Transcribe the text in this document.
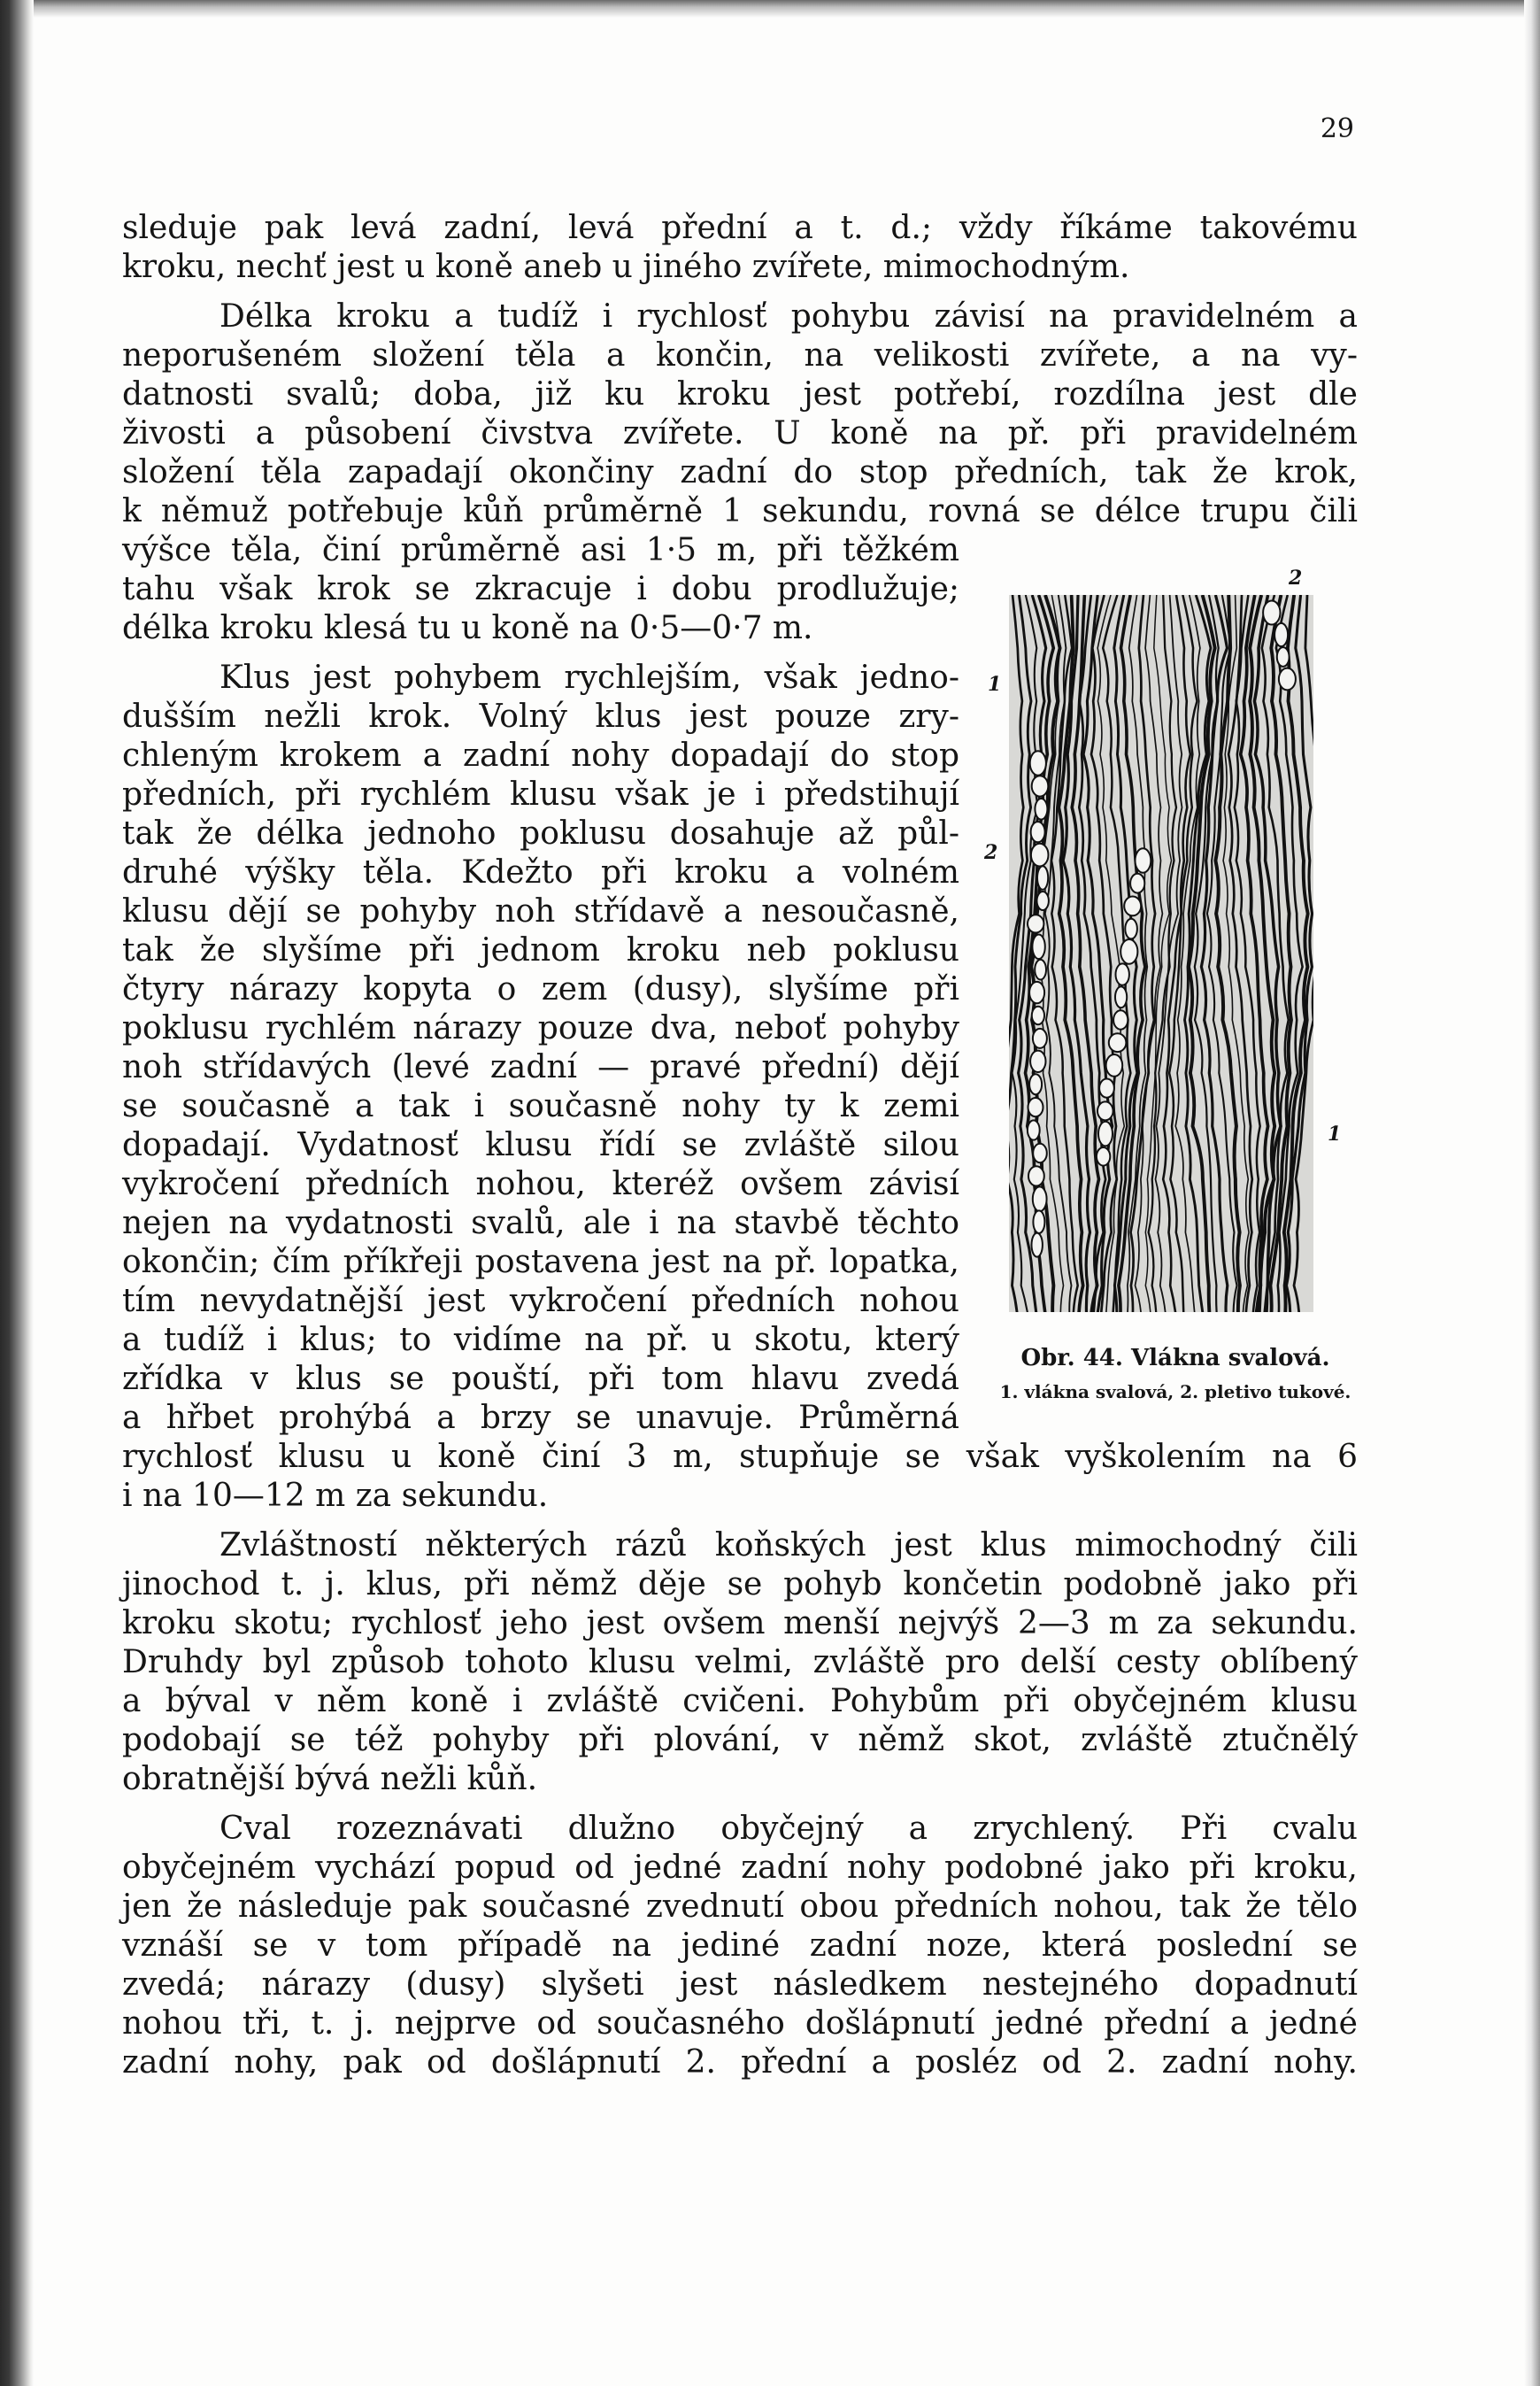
29
sleduje pak levá zadní, levá přední a t. d.; vždy říkáme takovému
kroku, nechť jest u koně aneb u jiného zvířete, mimochodným.
Délka kroku a tudíž i rychlosť pohybu závisí na pravidelném a
neporušeném složení těla a končin, na velikosti zvířete, a na vy-
datnosti svalů; doba, již ku kroku jest potřebí, rozdílna jest dle
živosti a působení čivstva zvířete. U koně na př. při pravidelném
složení těla zapadají okončiny zadní do stop předních, tak že krok,
k němuž potřebuje kůň průměrně 1 sekundu, rovná se délce trupu čili
výšce těla, činí průměrně asi 1·5 m, při těžkém
tahu však krok se zkracuje i dobu prodlužuje;
délka kroku klesá tu u koně na 0·5—0·7 m.
Klus jest pohybem rychlejším, však jedno-
dušším nežli krok. Volný klus jest pouze zry-
chleným krokem a zadní nohy dopadají do stop
předních, při rychlém klusu však je i předstihují
tak že délka jednoho poklusu dosahuje až půl-
druhé výšky těla. Kdežto při kroku a volném
klusu dějí se pohyby noh střídavě a nesoučasně,
tak že slyšíme při jednom kroku neb poklusu
čtyry nárazy kopyta o zem (dusy), slyšíme při
poklusu rychlém nárazy pouze dva, neboť pohyby
noh střídavých (levé zadní — pravé přední) dějí
se současně a tak i současně nohy ty k zemi
dopadají. Vydatnosť klusu řídí se zvláště silou
vykročení předních nohou, kteréž ovšem závisí
nejen na vydatnosti svalů, ale i na stavbě těchto
okončin; čím příkřeji postavena jest na př. lopatka,
tím nevydatnější jest vykročení předních nohou
a tudíž i klus; to vidíme na př. u skotu, který
zřídka v klus se pouští, při tom hlavu zvedá
a hřbet prohýbá a brzy se unavuje. Průměrná
rychlosť klusu u koně činí 3 m, stupňuje se však vyškolením na 6
i na 10—12 m za sekundu.
Zvláštností některých rázů koňských jest klus mimochodný čili
jinochod t. j. klus, při němž děje se pohyb končetin podobně jako při
kroku skotu; rychlosť jeho jest ovšem menší nejvýš 2—3 m za sekundu.
Druhdy byl způsob tohoto klusu velmi, zvláště pro delší cesty oblíbený
a býval v něm koně i zvláště cvičeni. Pohybům při obyčejném klusu
podobají se též pohyby při plování, v němž skot, zvláště ztučnělý
obratnější bývá nežli kůň.
Cval rozeznávati dlužno obyčejný a zrychlený. Při cvalu
obyčejném vychází popud od jedné zadní nohy podobné jako při kroku,
jen že následuje pak současné zvednutí obou předních nohou, tak že tělo
vznáší se v tom případě na jediné zadní noze, která poslední se
zvedá; nárazy (dusy) slyšeti jest následkem nestejného dopadnutí
nohou tři, t. j. nejprve od současného došlápnutí jedné přední a jedné
zadní nohy, pak od došlápnutí 2. přední a posléz od 2. zadní nohy.
2
1
2
1
Obr. 44. Vlákna svalová.
1. vlákna svalová, 2. pletivo tukové.
